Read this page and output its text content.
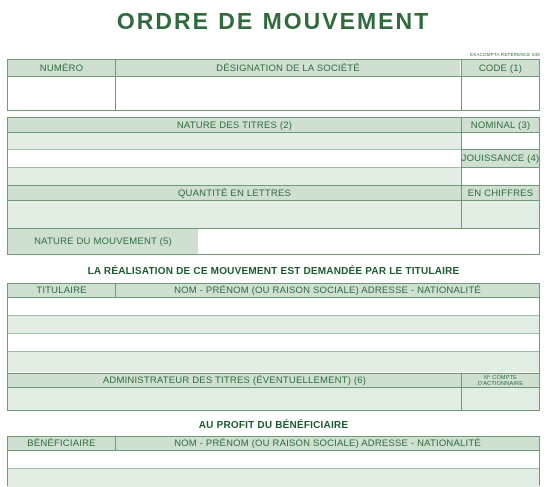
ORDRE DE MOUVEMENT
EXACOMPTA RÉFÉRENCE 049
NUMÉRO	DÉSIGNATION DE LA SOCIÉTÉ	CODE (1)
NATURE DES TITRES (2)	NOMINAL (3)
JOUISSANCE (4)
QUANTITÉ EN LETTRES	EN CHIFFRES
NATURE DU MOUVEMENT (5)
LA RÉALISATION DE CE MOUVEMENT EST DEMANDÉE PAR LE TITULAIRE
TITULAIRE	NOM - PRÉNOM (OU RAISON SOCIALE) ADRESSE - NATIONALITÉ
ADMINISTRATEUR DES TITRES (ÉVENTUELLEMENT) (6)	N° COMPTE D'ACTIONNAIRE
AU PROFIT DU BÉNÉFICIAIRE
BÉNÉFICIAIRE	NOM - PRÉNOM (OU RAISON SOCIALE) ADRESSE - NATIONALITÉ
